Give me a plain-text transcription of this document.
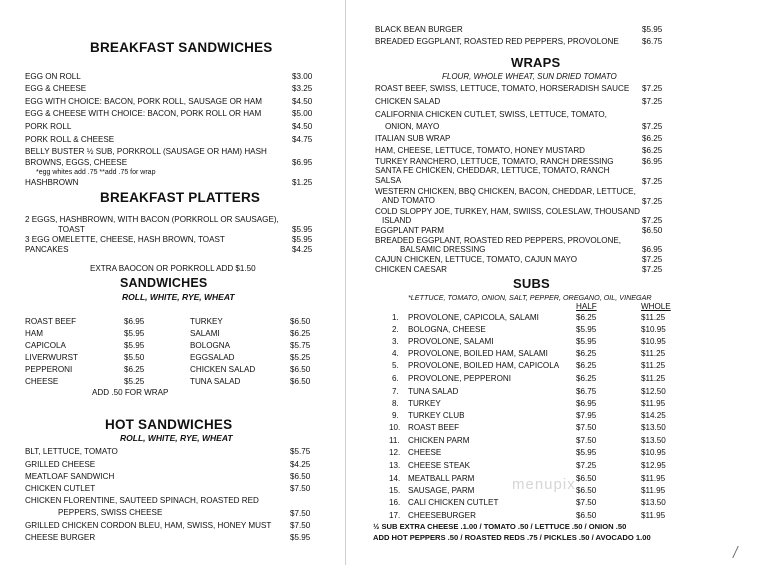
BREAKFAST SANDWICHES
EGG ON ROLL	$3.00
EGG & CHEESE	$3.25
EGG WITH CHOICE: BACON, PORK ROLL, SAUSAGE OR HAM	$4.50
EGG & CHEESE WITH CHOICE: BACON, PORK ROLL OR HAM	$5.00
PORK ROLL	$4.50
PORK ROLL & CHEESE	$4.75
BELLY BUSTER ½ SUB, PORKROLL (SAUSAGE OR HAM) HASH
BROWNS, EGGS, CHEESE	$6.95
*egg whites add .75 **add .75 for wrap
HASHBROWN	$1.25
BREAKFAST PLATTERS
2 EGGS, HASHBROWN, WITH BACON (PORKROLL OR SAUSAGE),
TOAST	$5.95
3 EGG OMELETTE, CHEESE, HASH BROWN, TOAST	$5.95
PANCAKES	$4.25
EXTRA BAOCON OR PORKROLL ADD $1.50
SANDWICHES
ROLL, WHITE, RYE, WHEAT
ROAST BEEF	$6.95	TURKEY	$6.50
HAM	$5.95	SALAMI	$6.25
CAPICOLA	$5.95	BOLOGNA	$5.75
LIVERWURST	$5.50	EGGSALAD	$5.25
PEPPERONI	$6.25	CHICKEN SALAD	$6.50
CHEESE	$5.25	TUNA SALAD	$6.50
ADD .50 FOR WRAP
HOT SANDWICHES
ROLL, WHITE, RYE, WHEAT
BLT, LETTUCE, TOMATO	$5.75
GRILLED CHEESE	$4.25
MEATLOAF SANDWICH	$6.50
CHICKEN CUTLET	$7.50
CHICKEN FLORENTINE, SAUTEED SPINACH, ROASTED RED
PEPPERS, SWISS CHEESE	$7.50
GRILLED CHICKEN CORDON BLEU, HAM, SWISS, HONEY MUST $7.50
CHEESE BURGER	$5.95
BLACK BEAN BURGER	$5.95
BREADED EGGPLANT, ROASTED RED PEPPERS, PROVOLONE	$6.75
WRAPS
FLOUR, WHOLE WHEAT, SUN DRIED TOMATO
ROAST BEEF, SWISS, LETTUCE, TOMATO, HORSERADISH SAUCE $7.25
CHICKEN SALAD	$7.25
CALIFORNIA CHICKEN CUTLET, SWISS, LETTUCE, TOMATO,
ONION, MAYO	$7.25
ITALIAN SUB WRAP	$6.25
HAM, CHEESE, LETTUCE, TOMATO, HONEY MUSTARD	$6.25
TURKEY RANCHERO, LETTUCE, TOMATO, RANCH DRESSING	$6.95
SANTA FE CHICKEN, CHEDDAR, LETTUCE, TOMATO, RANCH
SALSA	$7.25
WESTERN CHICKEN, BBQ CHICKEN, BACON, CHEDDAR, LETTUCE,
AND TOMATO	$7.25
COLD SLOPPY JOE, TURKEY, HAM, SWIISS, COLESLAW, THOUSAND
ISLAND	$7.25
EGGPLANT PARM	$6.50
BREADED EGGPLANT, ROASTED RED PEPPERS, PROVOLONE,
BALSAMIC DRESSING	$6.95
CAJUN CHICKEN, LETTUCE, TOMATO, CAJUN MAYO	$7.25
CHICKEN CAESAR	$7.25
SUBS
*LETTUCE, TOMATO, ONION, SALT, PEPPER, OREGANO, OIL, VINEGAR
HALF	WHOLE
1. PROVOLONE, CAPICOLA, SALAMI	$6.25	$11.25
2. BOLOGNA, CHEESE	$5.95	$10.95
3. PROVOLONE, SALAMI	$5.95	$10.95
4. PROVOLONE, BOILED HAM, SALAMI	$6.25	$11.25
5. PROVOLONE, BOILED HAM, CAPICOLA $6.25	$11.25
6. PROVOLONE, PEPPERONI	$6.25	$11.25
7. TUNA SALAD	$6.75	$12.50
8. TURKEY	$6.95	$11.95
9. TURKEY CLUB	$7.95	$14.25
10. ROAST BEEF	$7.50	$13.50
11. CHICKEN PARM	$7.50	$13.50
12. CHEESE	$5.95	$10.95
13. CHEESE STEAK	$7.25	$12.95
14. MEATBALL PARM	$6.50	$11.95
15. SAUSAGE, PARM	$6.50	$11.95
16. CALI CHICKEN CUTLET	$7.50	$13.50
17. CHEESEBURGER	$6.50	$11.95
½ SUB EXTRA CHEESE .1.00 / TOMATO .50 / LETTUCE .50 / ONION .50
ADD HOT PEPPERS .50 / ROASTED REDS .75 / PICKLES .50 / AVOCADO 1.00
menupix
